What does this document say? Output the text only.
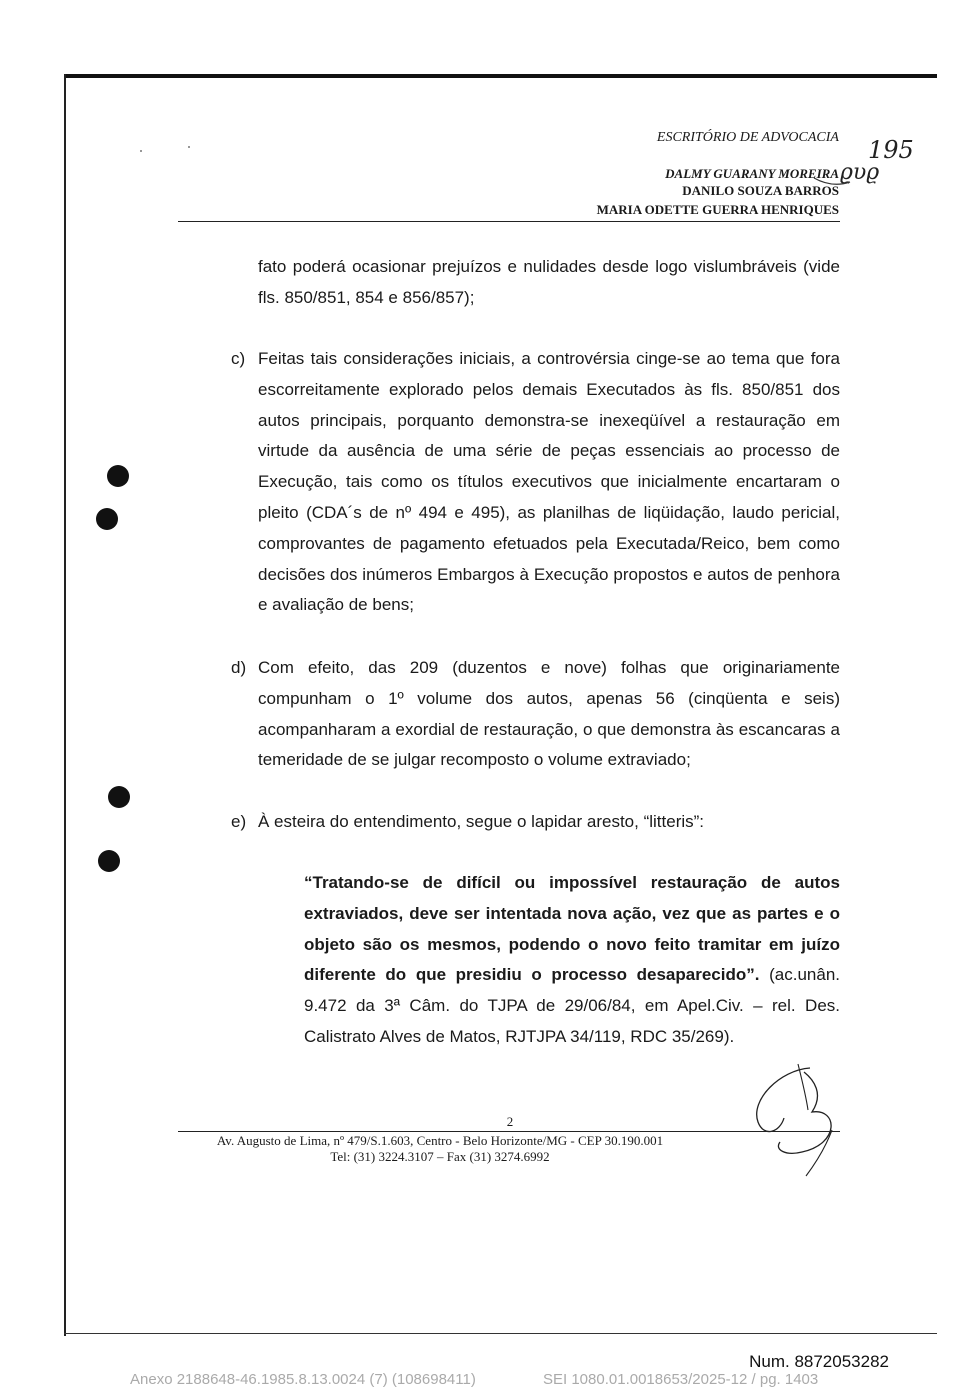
ESCRITÓRIO DE ADVOCACIA
DALMY GUARANY MOREIRA
DANILO SOUZA BARROS
MARIA ODETTE GUERRA HENRIQUES
195
ϱυϱ
fato poderá ocasionar prejuízos e nulidades desde logo vislumbráveis (vide fls. 850/851, 854 e 856/857);
c) Feitas tais considerações iniciais, a controvérsia cinge-se ao tema que fora escorreitamente explorado pelos demais Executados às fls. 850/851 dos autos principais, porquanto demonstra-se inexeqüível a restauração em virtude da ausência de uma série de peças essenciais ao processo de Execução, tais como os títulos executivos que inicialmente encartaram o pleito (CDA´s de nº 494 e 495), as planilhas de liqüidação, laudo pericial, comprovantes de pagamento efetuados pela Executada/Reico, bem como decisões dos inúmeros Embargos à Execução propostos e autos de penhora e avaliação de bens;
d) Com efeito, das 209 (duzentos e nove) folhas que originariamente compunham o 1º volume dos autos, apenas 56 (cinqüenta e seis) acompanharam a exordial de restauração, o que demonstra às escancaras a temeridade de se julgar recomposto o volume extraviado;
e) À esteira do entendimento, segue o lapidar aresto, “litteris”:
“Tratando-se de difícil ou impossível restauração de autos extraviados, deve ser intentada nova ação, vez que as partes e o objeto são os mesmos, podendo o novo feito tramitar em juízo diferente do que presidiu o processo desaparecido”. (ac.unân. 9.472 da 3ª Câm. do TJPA de 29/06/84, em Apel.Civ. – rel. Des. Calistrato Alves de Matos, RJTJPA 34/119, RDC 35/269).
2
Av. Augusto de Lima, nº 479/S.1.603, Centro - Belo Horizonte/MG - CEP 30.190.001
Tel: (31) 3224.3107 – Fax (31) 3274.6992
Num. 8872053282
Anexo 2188648-46.1985.8.13.0024 (7) (108698411)	SEI 1080.01.0018653/2025-12 / pg. 1403
